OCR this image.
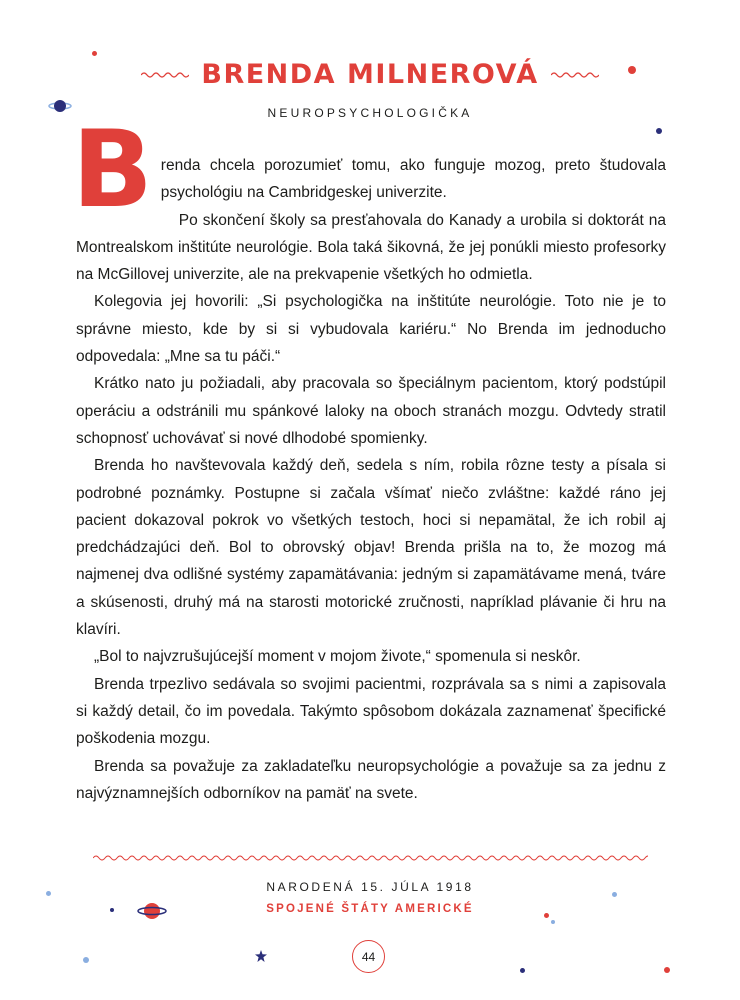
BRENDA MILNEROVÁ

NEUROPSYCHOLOGIČKA

Brenda chcela porozumieť tomu, ako funguje mozog, preto študovala psychológiu na Cambridgeskej univerzite.

Po skončení školy sa presťahovala do Kanady a urobila si doktorát na Montrealskom inštitúte neurológie. Bola taká šikovná, že jej ponúkli miesto profesorky na McGillovej univerzite, ale na prekvapenie všetkých ho odmietla.

Kolegovia jej hovorili: „Si psychologička na inštitúte neurológie. Toto nie je to správne miesto, kde by si si vybudovala kariéru.“ No Brenda im jednoducho odpovedala: „Mne sa tu páči.“

Krátko nato ju požiadali, aby pracovala so špeciálnym pacientom, ktorý podstúpil operáciu a odstránili mu spánkové laloky na oboch stranách mozgu. Odvtedy stratil schopnosť uchovávať si nové dlhodobé spomienky.

Brenda ho navštevovala každý deň, sedela s ním, robila rôzne testy a písala si podrobné poznámky. Postupne si začala všímať niečo zvláštne: každé ráno jej pacient dokazoval pokrok vo všetkých testoch, hoci si nepamätal, že ich robil aj predchádzajúci deň. Bol to obrovský objav! Brenda prišla na to, že mozog má najmenej dva odlišné systémy zapamätávania: jedným si zapamätávame mená, tváre a skúsenosti, druhý má na starosti motorické zručnosti, napríklad plávanie či hru na klavíri.

„Bol to najvzrušujúcejší moment v mojom živote,“ spomenula si neskôr.

Brenda trpezlivo sedávala so svojimi pacientmi, rozprávala sa s nimi a zapisovala si každý detail, čo im povedala. Takýmto spôsobom dokázala zaznamenať špecifické poškodenia mozgu.

Brenda sa považuje za zakladateľku neuropsychológie a považuje sa za jednu z najvýznamnejších odborníkov na pamäť na svete.

NARODENÁ 15. JÚLA 1918

SPOJENÉ ŠTÁTY AMERICKÉ

44
